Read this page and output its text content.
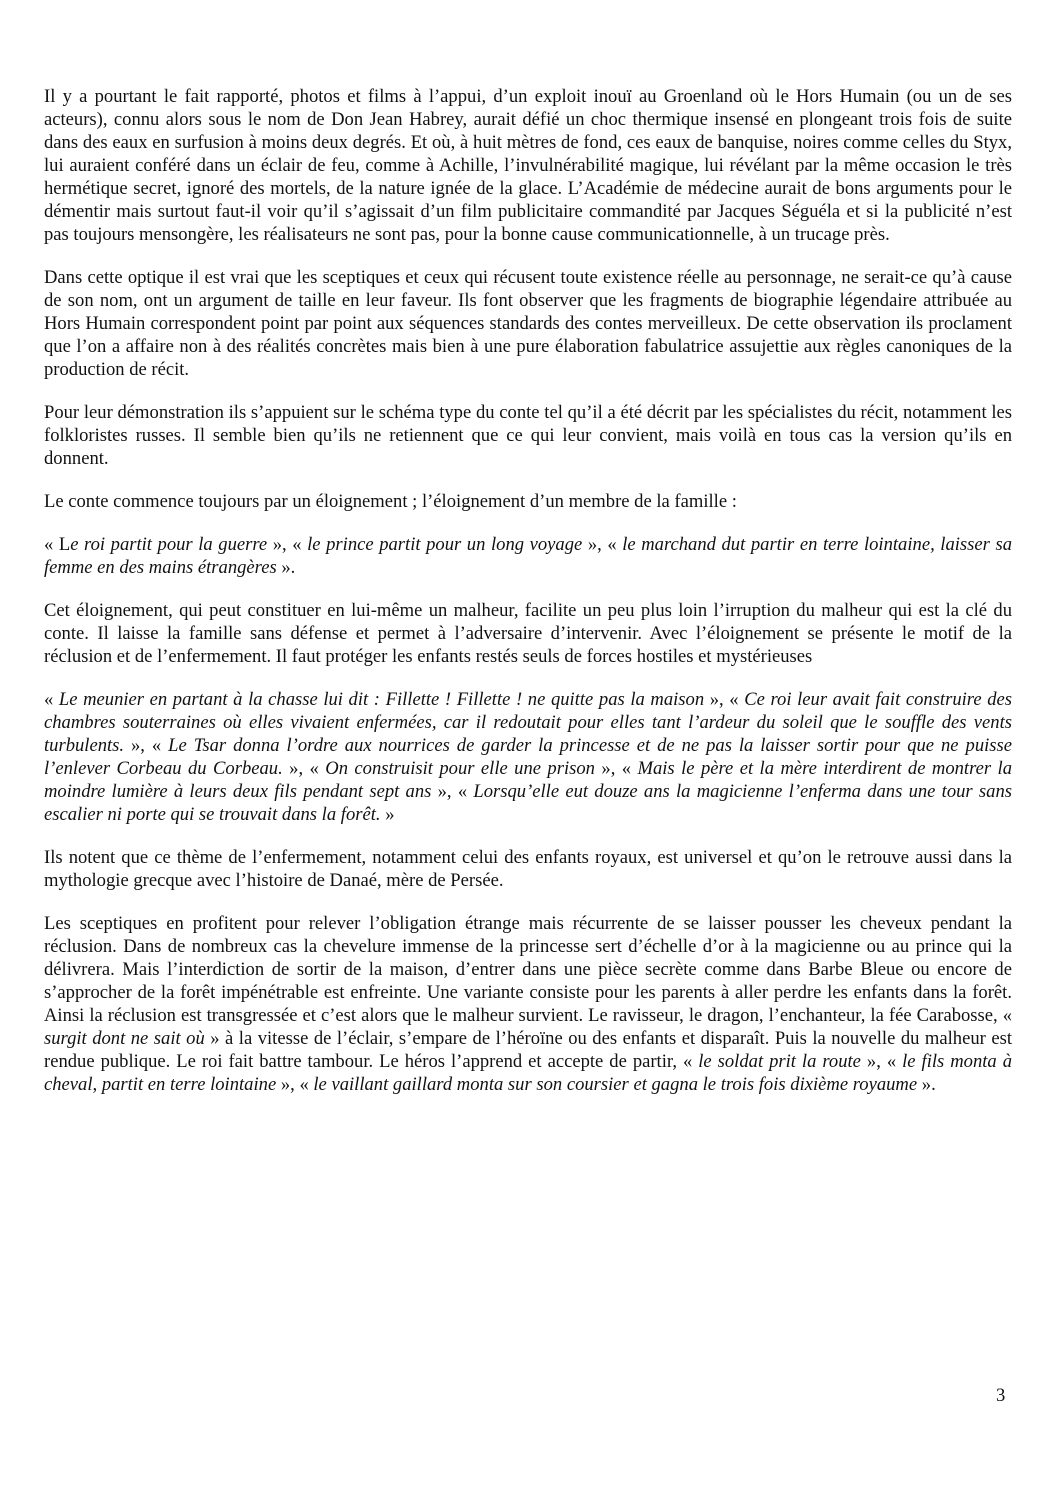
Il y a pourtant le fait rapporté, photos et films à l’appui, d’un exploit inouï au Groenland où le Hors Humain (ou un de ses acteurs), connu alors sous le nom de Don Jean Habrey, aurait défié un choc thermique insensé en plongeant trois fois de suite dans des eaux en surfusion à moins deux degrés. Et où, à huit mètres de fond, ces eaux de banquise, noires comme celles du Styx, lui auraient conféré dans un éclair de feu, comme à Achille, l’invulnérabilité magique, lui révélant par la même occasion le très hermétique secret, ignoré des mortels, de la nature ignée de la glace. L’Académie de médecine aurait de bons arguments pour le démentir mais surtout faut-il voir qu’il s’agissait d’un film publicitaire commandité par Jacques Séguéla et si la publicité n’est pas toujours mensongère, les réalisateurs ne sont pas, pour la bonne cause communicationnelle, à un trucage près.

Dans cette optique il est vrai que les sceptiques et ceux qui récusent toute existence réelle au personnage, ne serait-ce qu’à cause de son nom, ont un argument de taille en leur faveur. Ils font observer que les fragments de biographie légendaire attribuée au Hors Humain correspondent point par point aux séquences standards des contes merveilleux. De cette observation ils proclament que l’on a affaire non à des réalités concrètes mais bien à une pure élaboration fabulatrice assujettie aux règles canoniques de la production de récit.

Pour leur démonstration ils s’appuient sur le schéma type du conte tel qu’il a été décrit par les spécialistes du récit, notamment les folkloristes russes. Il semble bien qu’ils ne retiennent que ce qui leur convient, mais voilà en tous cas la version qu’ils en donnent.

Le conte commence toujours par un éloignement ; l’éloignement d’un membre de la famille :

« Le roi partit pour la guerre », « le prince partit pour un long voyage », « le marchand dut partir en terre lointaine, laisser sa femme en des mains étrangères ».

Cet éloignement, qui peut constituer en lui-même un malheur, facilite un peu plus loin l’irruption du malheur qui est la clé du conte. Il laisse la famille sans défense et permet à l’adversaire d’intervenir. Avec l’éloignement se présente le motif de la réclusion et de l’enfermement. Il faut protéger les enfants restés seuls de forces hostiles et mystérieuses

« Le meunier en partant à la chasse lui dit : Fillette ! Fillette ! ne quitte pas la maison », « Ce roi leur avait fait construire des chambres souterraines où elles vivaient enfermées, car il redoutait pour elles tant l’ardeur du soleil que le souffle des vents turbulents. », « Le Tsar donna l’ordre aux nourrices de garder la princesse et de ne pas la laisser sortir pour que ne puisse l’enlever Corbeau du Corbeau. », « On construisit pour elle une prison », « Mais le père et la mère interdirent de montrer la moindre lumière à leurs deux fils pendant sept ans », « Lorsqu’elle eut douze ans la magicienne l’enferma dans une tour sans escalier ni porte qui se trouvait dans la forêt. »

Ils notent que ce thème de l’enfermement, notamment celui des enfants royaux, est universel et qu’on le retrouve aussi dans la mythologie grecque avec l’histoire de Danaé, mère de Persée.

Les sceptiques en profitent pour relever l’obligation étrange mais récurrente de se laisser pousser les cheveux pendant la réclusion. Dans de nombreux cas la chevelure immense de la princesse sert d’échelle d’or à la magicienne ou au prince qui la délivrera. Mais l’interdiction de sortir de la maison, d’entrer dans une pièce secrète comme dans Barbe Bleue ou encore de s’approcher de la forêt impénétrable est enfreinte. Une variante consiste pour les parents à aller perdre les enfants dans la forêt. Ainsi la réclusion est transgressée et c’est alors que le malheur survient. Le ravisseur, le dragon, l’enchanteur, la fée Carabosse, « surgit dont ne sait où » à la vitesse de l’éclair, s’empare de l’héroïne ou des enfants et disparaît. Puis la nouvelle du malheur est rendue publique. Le roi fait battre tambour. Le héros l’apprend et accepte de partir, « le soldat prit la route », « le fils monta à cheval, partit en terre lointaine », « le vaillant gaillard monta sur son coursier et gagna le trois fois dixième royaume ».

3
